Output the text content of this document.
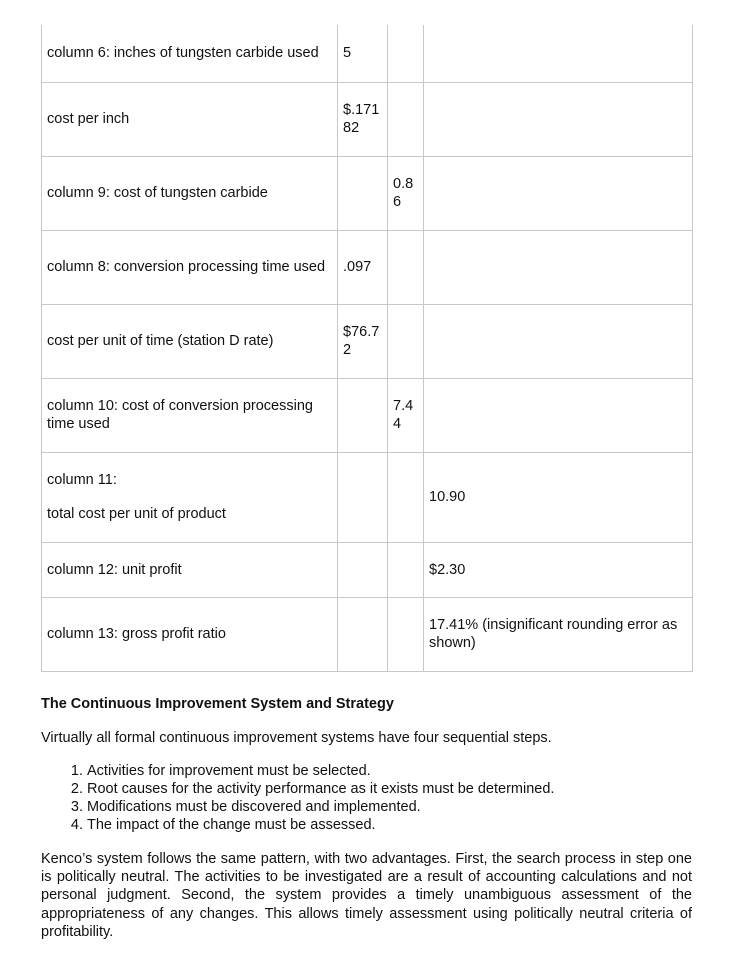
column 6: inches of tungsten carbide used	5		
cost per inch	$.17182		
column 9: cost of tungsten carbide		0.86	
column 8: conversion processing time used	.097		
cost per unit of time (station D rate)	$76.72		
column 10: cost of conversion processing time used		7.44	
column 11:
total cost per unit of product			10.90
column 12: unit profit			$2.30
column 13: gross profit ratio			17.41% (insignificant rounding error as shown)
The Continuous Improvement System and Strategy

Virtually all formal continuous improvement systems have four sequential steps.

1. Activities for improvement must be selected.
2. Root causes for the activity performance as it exists must be determined.
3. Modifications must be discovered and implemented.
4. The impact of the change must be assessed.

Kenco’s system follows the same pattern, with two advantages. First, the search process in step one is politically neutral. The activities to be investigated are a result of accounting calculations and not personal judgment. Second, the system provides a timely unambiguous assessment of the appropriateness of any changes. This allows timely assessment using politically neutral criteria of profitability.
